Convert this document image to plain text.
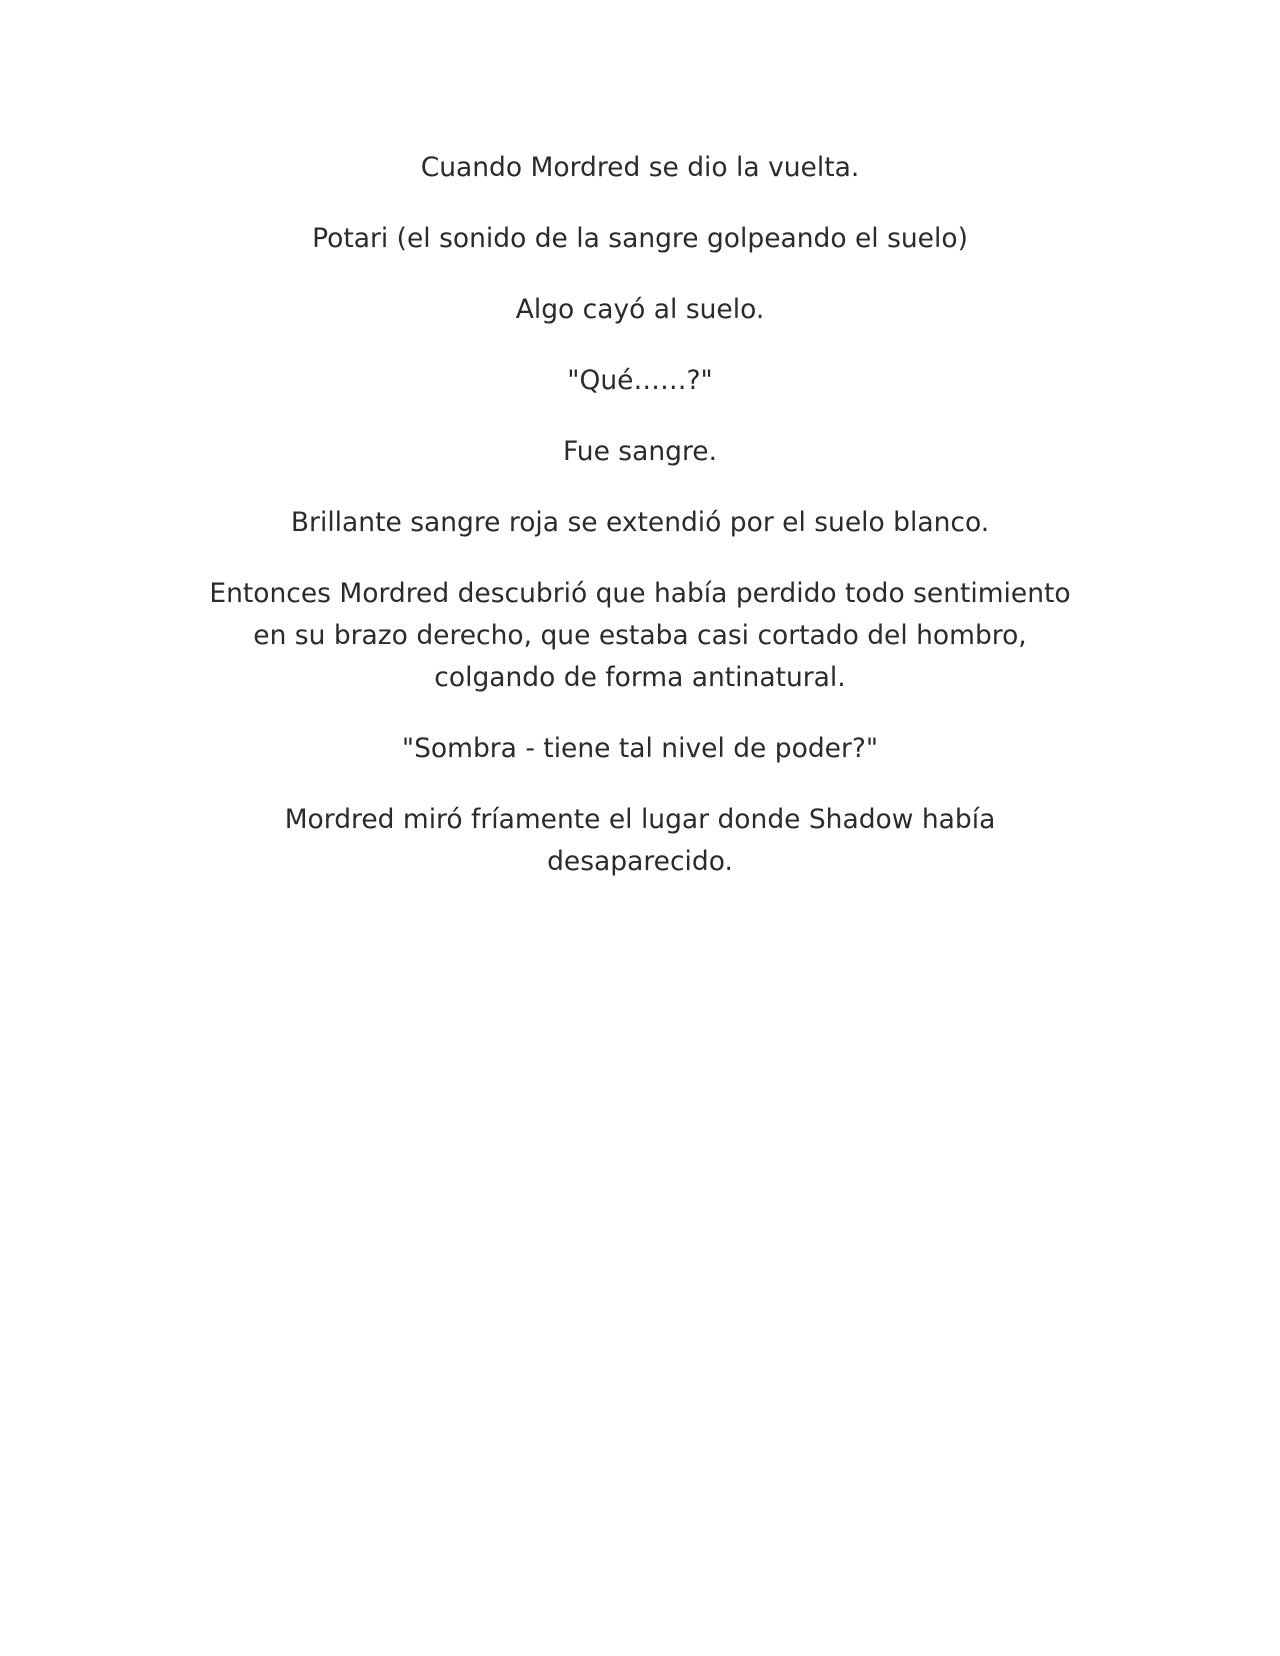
Cuando Mordred se dio la vuelta.

Potari (el sonido de la sangre golpeando el suelo)

Algo cayó al suelo.

"Qué……?"

Fue sangre.

Brillante sangre roja se extendió por el suelo blanco.

Entonces Mordred descubrió que había perdido todo sentimiento en su brazo derecho, que estaba casi cortado del hombro, colgando de forma antinatural.

"Sombra - tiene tal nivel de poder?"

Mordred miró fríamente el lugar donde Shadow había desaparecido.
